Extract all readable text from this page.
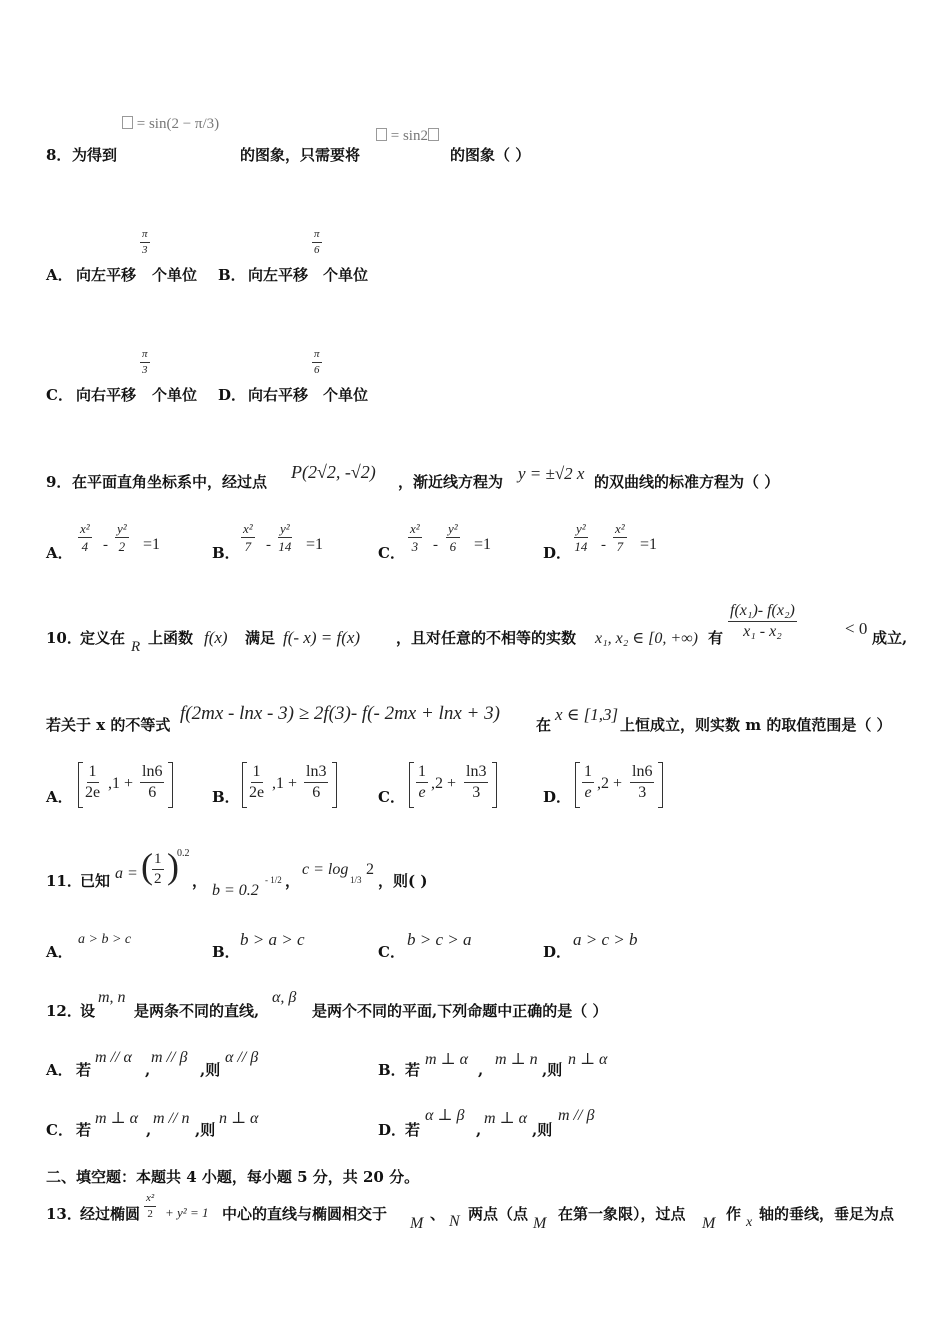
= sin(2 − π/3)
= sin2
8． 为得到	的图象，只需要将	的图象（ ）
$\frac{\pi}{3}$	$\frac{\pi}{6}$
A． 向左平移 个单位 B． 向左平移 个单位
$\frac{\pi}{3}$	$\frac{\pi}{6}$
C． 向右平移 个单位 D． 向右平移 个单位
9． 在平面直角坐标系中，经过点 P(2√2, -√2) ，渐近线方程为 y = ±√2 x 的双曲线的标准方程为（ ）
A． $\frac{\text{x²}}{4} - \frac{\text{y²}}{2} =1$	B． $\frac{\text{x²}}{7} - \frac{\text{y²}}{14} =1$	C． $\frac{\text{x²}}{3} - \frac{\text{y²}}{6} =1$	D． $\frac{\text{y²}}{14} - \frac{\text{x²}}{7} =1$
10．
定义在 R 上函数 f(x) 满足 f(- x) = f(x) ，且对任意的不相等的实数 x₁, x₂ ∈ [0, +∞) 有 $\frac{\text{f(x₁)- f(x₂)}}{\text{x₁ - x₂}}$	< 0 成立,
若关于 x 的不等式
f(2mx - lnx - 3) ≥ 2f(3)- f(- 2mx + lnx + 3)
在
x ∈ [1,3]
上恒成立，则实数 m 的取值范围是（ ）
A． $\frac{1}{2e} ,1 + \frac{\ln 6}{6}$	B． $\frac{1}{2e} ,1 + \frac{\ln 3}{6}$	C． $\frac{1}{e} ,2 + \frac{\ln 3}{3}$	D． $\frac{1}{e} ,2 + \frac{\ln 6}{3}$
11．
已知 a = ( $\frac{1}{2}$ )
0.2
，
b = 0.2
- 1/2 ，
c = log
1/3
2
，则( )
A．
a > b > c
B．
b > a > c
C．
b > c > a
D．
a > c > b
12．
设
m, n
是两条不同的直线,
α, β
是两个不同的平面,下列命题中正确的是（ ）
A． 若
m // α
,
m // β
,则
α // β
B． 若
m ⊥ α
,
m ⊥ n
,则
n ⊥ α
C． 若
m ⊥ α
,
m // n
,则
n ⊥ α
D．
若
α ⊥ β
,
m ⊥ α
,则
m // β
二、填空题：本题共 4 小题，每小题 5 分，共 20 分。
13．
经过椭圆 $\frac{\text{x²}}{2} + y^2 = 1$ 中心的直线与椭圆相交于
M
、 N 两点（点
M
在第一象限），过点
M
作 x 轴的垂线，垂足为点
